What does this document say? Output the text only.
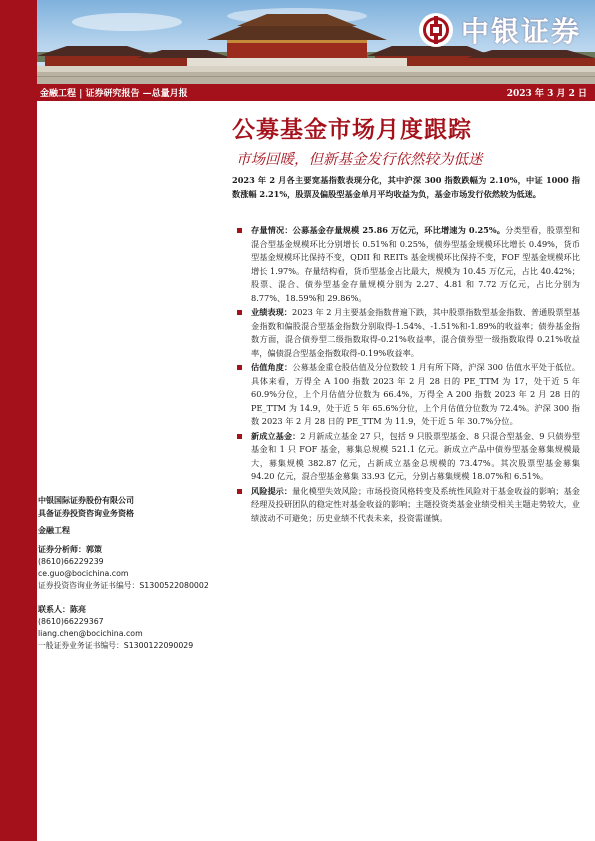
中银证券
金融工程 | 证券研究报告 —总量月报	2023 年 3 月 2 日
公募基金市场月度跟踪
市场回暖，但新基金发行依然较为低迷

2023 年 2 月各主要宽基指数表现分化，其中沪深 300 指数跌幅为 2.10%，中证 1000 指数涨幅 2.21%，股票及偏股型基金单月平均收益为负，基金市场发行依然较为低迷。

存量情况：公募基金存量规模 25.86 万亿元，环比增速为 0.25%。分类型看，股票型和混合型基金规模环比分别增长 0.51%和 0.25%，债券型基金规模环比增长 0.49%，货币型基金规模环比保持不变，QDII 和 REITs 基金规模环比保持不变，FOF 型基金规模环比增长 1.97%。存量结构看，货币型基金占比最大，规模为 10.45 万亿元，占比 40.42%；股票、混合、债券型基金存量规模分别为 2.27、4.81 和 7.72 万亿元，占比分别为 8.77%、18.59%和 29.86%。
业绩表现：2023 年 2 月主要基金指数普遍下跌，其中股票指数型基金指数、普通股票型基金指数和偏股混合型基金指数分别取得-1.54%、-1.51%和-1.89%的收益率；债券基金指数方面，混合债券型二级指数取得-0.21%收益率，混合债券型一级指数取得 0.21%收益率，偏债混合型基金指数取得-0.19%收益率。
估值角度：公募基金重仓股估值及分位数较 1 月有所下降，沪深 300 估值水平处于低位。具体来看，万得全 A 100 指数 2023 年 2 月 28 日的 PE_TTM 为 17，处于近 5 年 60.9%分位，上个月估值分位数为 66.4%，万得全 A 200 指数 2023 年 2 月 28 日的 PE_TTM 为 14.9，处于近 5 年 65.6%分位，上个月估值分位数为 72.4%。沪深 300 指数 2023 年 2 月 28 日的 PE_TTM 为 11.9，处于近 5 年 30.7%分位。
新成立基金：2 月新成立基金 27 只，包括 9 只股票型基金、8 只混合型基金、9 只债券型基金和 1 只 FOF 基金，募集总规模 521.1 亿元。新成立产品中债券型基金募集规模最大，募集规模 382.87 亿元，占新成立基金总规模的 73.47%。其次股票型基金募集 94.20 亿元，混合型基金募集 33.93 亿元，分别占募集规模 18.07%和 6.51%。
风险提示：量化模型失效风险；市场投资风格转变及系统性风险对于基金收益的影响；基金经理及投研团队的稳定性对基金收益的影响；主题投资类基金业绩受相关主题走势较大，业绩波动不可避免；历史业绩不代表未来，投资需谨慎。
中银国际证券股份有限公司
具备证券投资咨询业务资格
金融工程
证券分析师：郭策
(8610)66229239
ce.guo@bocichina.com
证券投资咨询业务证书编号：S1300522080002
联系人：陈亮
(8610)66229367
liang.chen@bocichina.com
一般证券业务证书编号：S1300122090029
